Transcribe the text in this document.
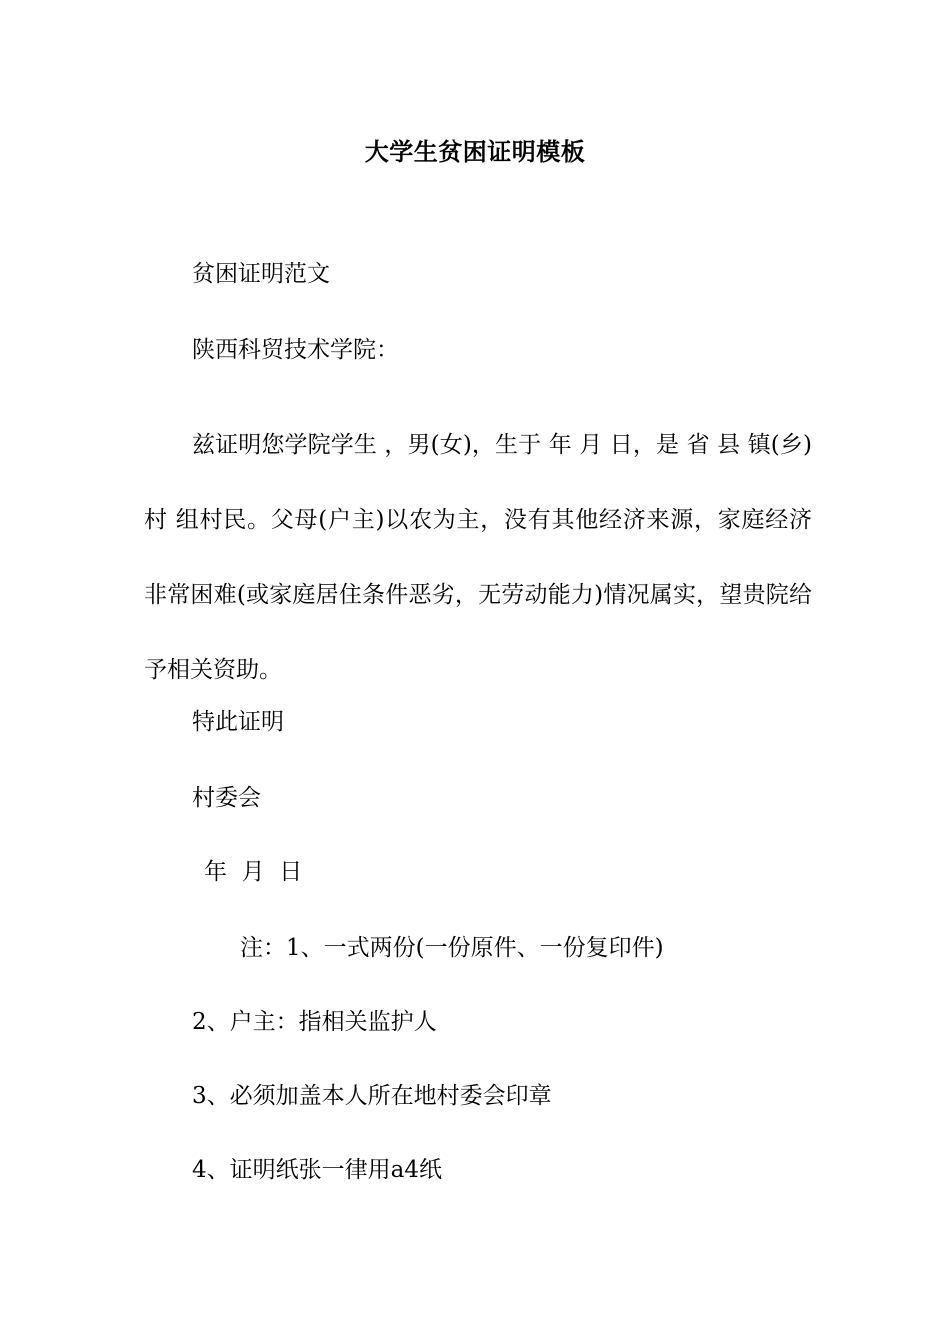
大学生贫困证明模板
贫困证明范文
陕西科贸技术学院：

兹证明您学院学生 ，男(女)，生于 年 月 日，是 省 县 镇(乡) 村 组村民。父母(户主)以农为主，没有其他经济来源，家庭经济非常困难(或家庭居住条件恶劣，无劳动能力)情况属实，望贵院给予相关资助。

特此证明
村委会
年  月  日
注：1、一式两份(一份原件、一份复印件)
2、户主：指相关监护人
3、必须加盖本人所在地村委会印章
4、证明纸张一律用a4纸
